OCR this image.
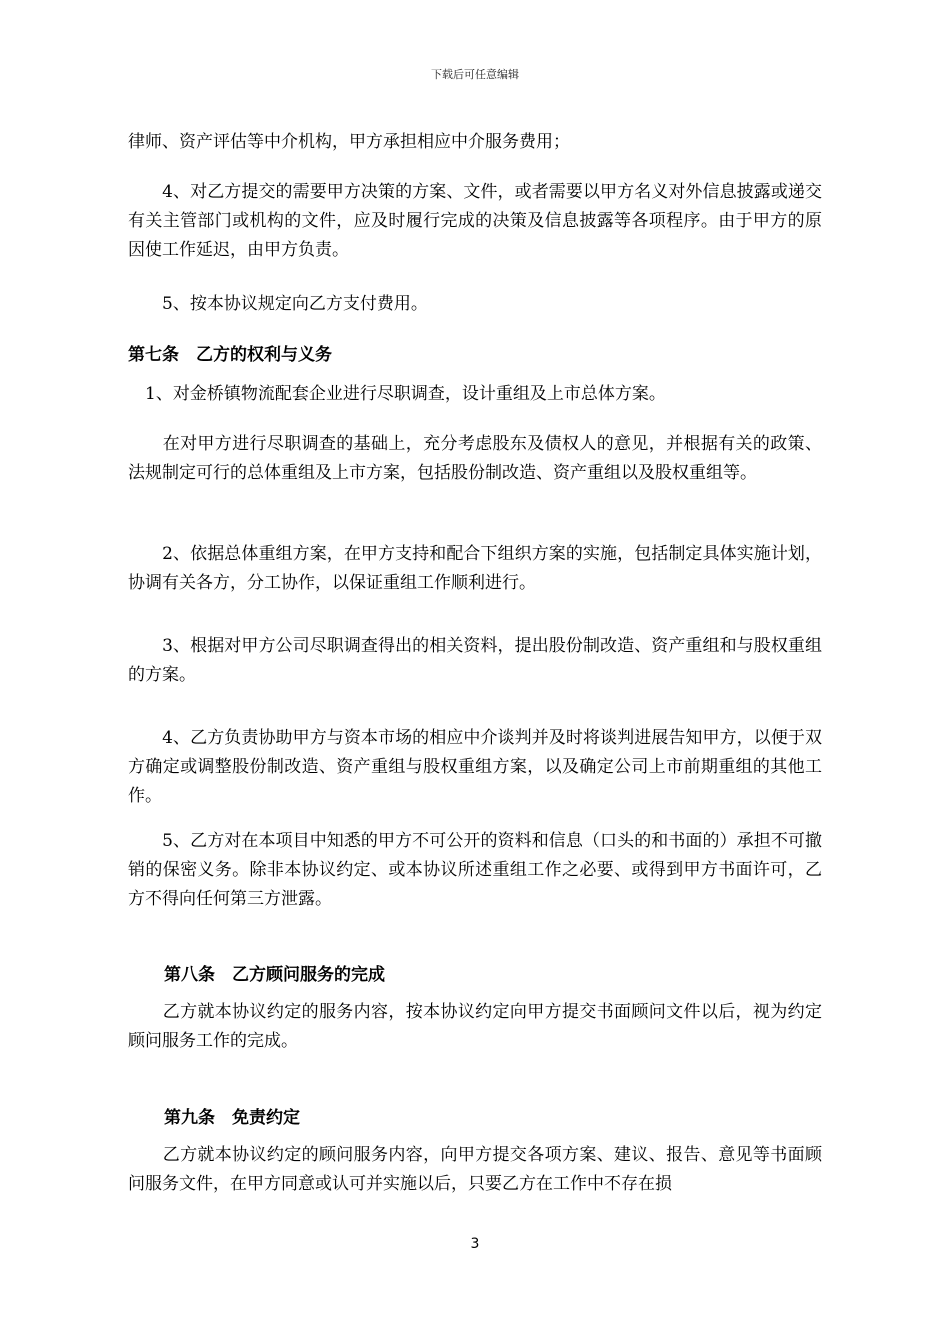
下载后可任意编辑

律师、资产评估等中介机构，甲方承担相应中介服务费用；

　　4、对乙方提交的需要甲方决策的方案、文件，或者需要以甲方名义对外信息披露或递交有关主管部门或机构的文件，应及时履行完成的决策及信息披露等各项程序。由于甲方的原因使工作延迟，由甲方负责。

　　5、按本协议规定向乙方支付费用。

第七条　乙方的权利与义务

　1、对金桥镇物流配套企业进行尽职调查，设计重组及上市总体方案。

　　在对甲方进行尽职调查的基础上，充分考虑股东及债权人的意见，并根据有关的政策、法规制定可行的总体重组及上市方案，包括股份制改造、资产重组以及股权重组等。

　　2、依据总体重组方案，在甲方支持和配合下组织方案的实施，包括制定具体实施计划，协调有关各方，分工协作，以保证重组工作顺利进行。

　　3、根据对甲方公司尽职调查得出的相关资料，提出股份制改造、资产重组和与股权重组的方案。

　　4、乙方负责协助甲方与资本市场的相应中介谈判并及时将谈判进展告知甲方，以便于双方确定或调整股份制改造、资产重组与股权重组方案，以及确定公司上市前期重组的其他工作。

　　5、乙方对在本项目中知悉的甲方不可公开的资料和信息（口头的和书面的）承担不可撤销的保密义务。除非本协议约定、或本协议所述重组工作之必要、或得到甲方书面许可，乙方不得向任何第三方泄露。

第八条　乙方顾问服务的完成

　　乙方就本协议约定的服务内容，按本协议约定向甲方提交书面顾问文件以后，视为约定顾问服务工作的完成。

第九条　免责约定

　　乙方就本协议约定的顾问服务内容，向甲方提交各项方案、建议、报告、意见等书面顾问服务文件，在甲方同意或认可并实施以后，只要乙方在工作中不存在损

3
